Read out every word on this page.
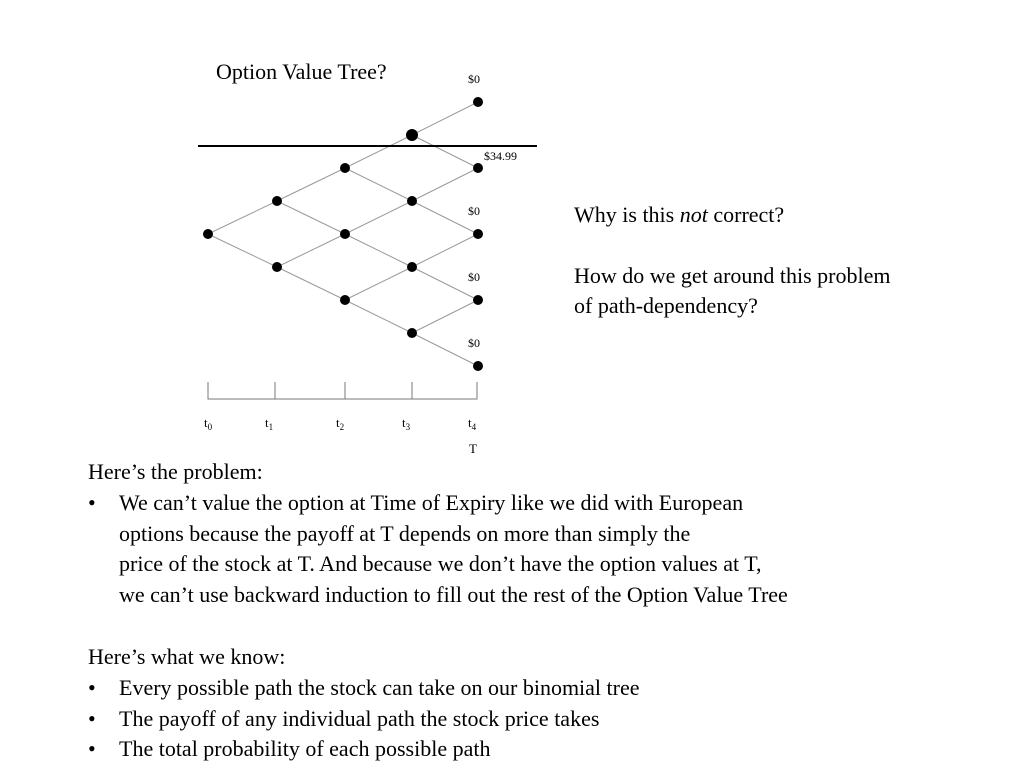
Option Value Tree?	$0
$34.99
$0
$0
$0
$t_0$	$t_1$	$t_2$	$t_3$	$t_4$
T

Why is this not correct?

How do we get around this problem

of path-dependency?

Here’s the problem:

• We can’t value the option at Time of Expiry like we did with European
options because the payoff at T depends on more than simply the
price of the stock at T. And because we don’t have the option values at T,
we can’t use backward induction to fill out the rest of the Option Value Tree

Here’s what we know:

• Every possible path the stock can take on our binomial tree
• The payoff of any individual path the stock price takes
• The total probability of each possible path
